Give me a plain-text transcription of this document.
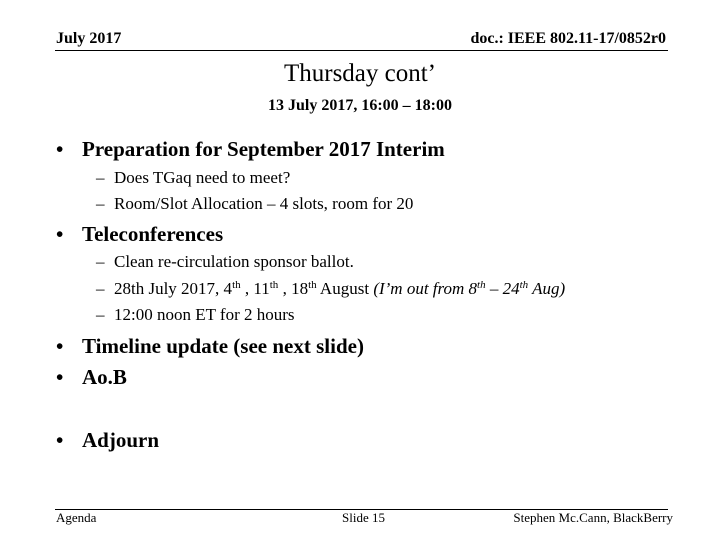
July 2017	doc.: IEEE 802.11-17/0852r0
Thursday cont’
13 July 2017, 16:00 – 18:00
• Preparation for September 2017 Interim
– Does TGaq need to meet?
– Room/Slot Allocation – 4 slots, room for 20
• Teleconferences
– Clean re-circulation sponsor ballot.
– 28th July 2017, 4th , 11th , 18th August (I’m out from 8th – 24th Aug)
– 12:00 noon ET for 2 hours
• Timeline update (see next slide)
• Ao.B
• Adjourn
Agenda	Slide 15	Stephen Mc.Cann, BlackBerry
